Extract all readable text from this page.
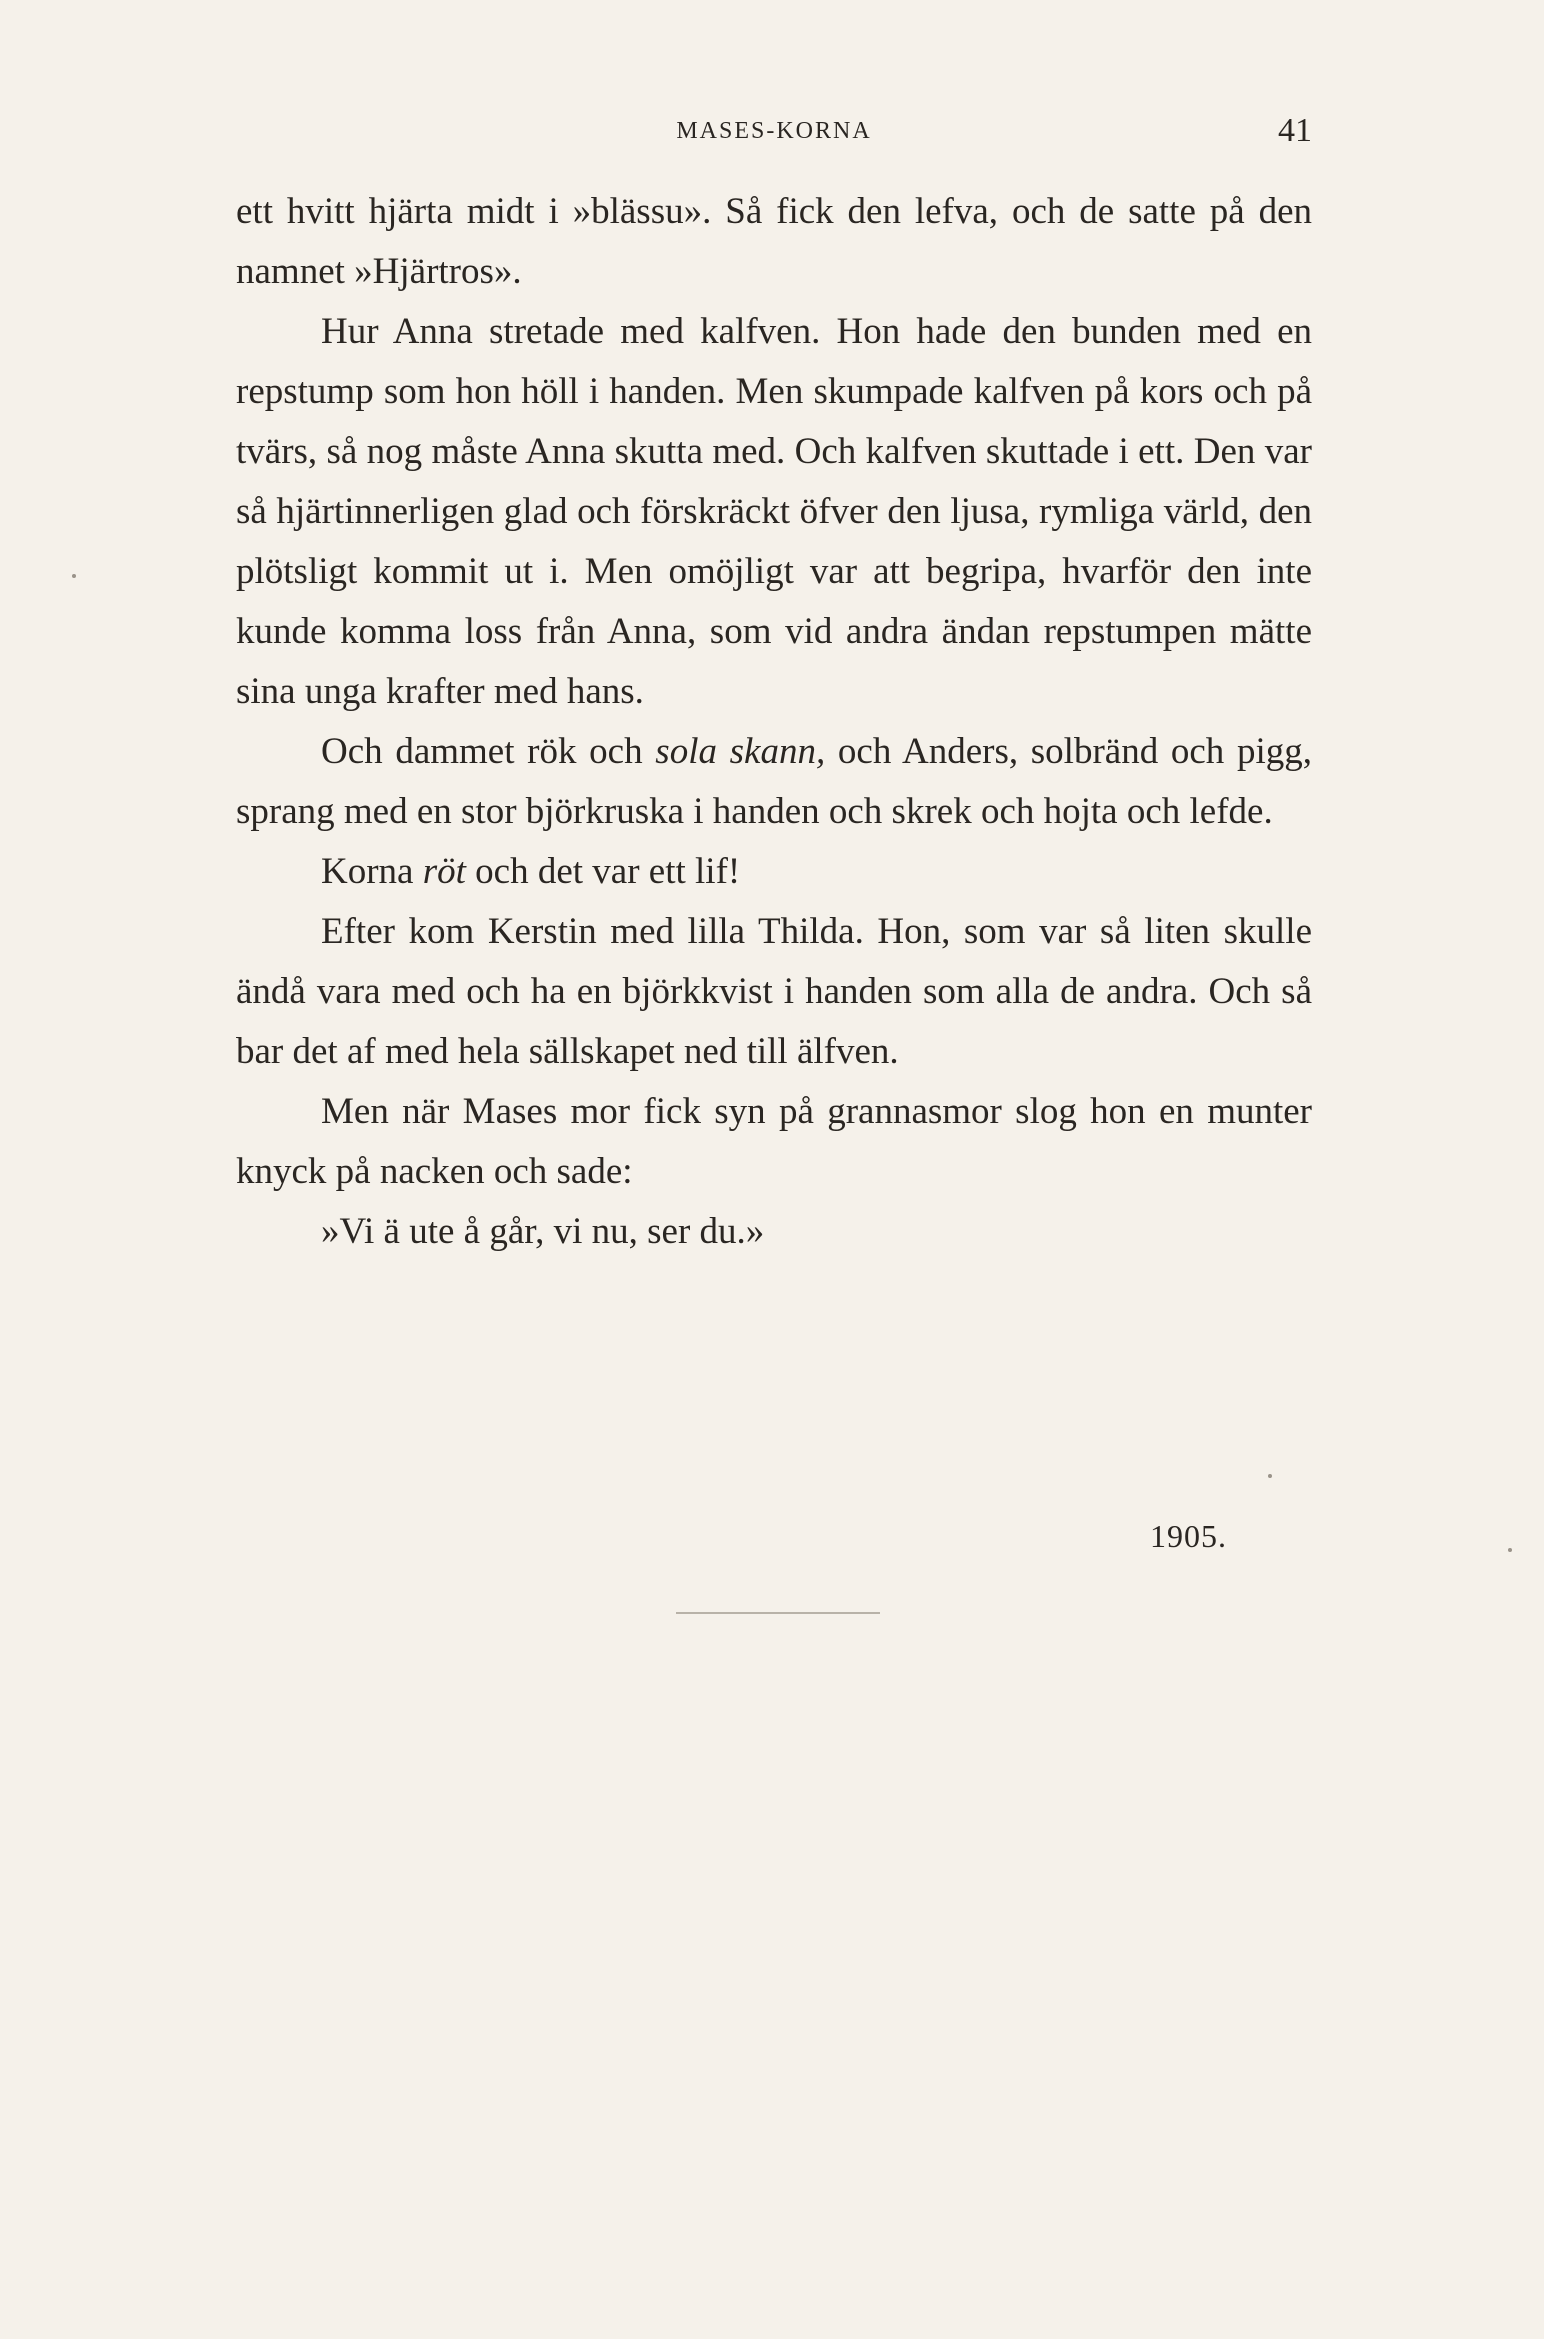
MASES-KORNA	41

ett hvitt hjärta midt i »blässu». Så fick den lefva, och de satte på den namnet »Hjärtros».

Hur Anna stretade med kalfven. Hon hade den bunden med en repstump som hon höll i handen. Men skumpade kalfven på kors och på tvärs, så nog måste Anna skutta med. Och kalfven skuttade i ett. Den var så hjärtinnerligen glad och förskräckt öfver den ljusa, rymliga värld, den plötsligt kommit ut i. Men omöjligt var att begripa, hvarför den inte kunde komma loss från Anna, som vid andra ändan repstumpen mätte sina unga krafter med hans.

Och dammet rök och sola skann, och Anders, solbränd och pigg, sprang med en stor björkruska i handen och skrek och hojta och lefde.

Korna röt och det var ett lif!

Efter kom Kerstin med lilla Thilda. Hon, som var så liten skulle ändå vara med och ha en björkkvist i handen som alla de andra. Och så bar det af med hela sällskapet ned till älfven.

Men när Mases mor fick syn på grannasmor slog hon en munter knyck på nacken och sade:

»Vi ä ute å går, vi nu, ser du.»

1905.
